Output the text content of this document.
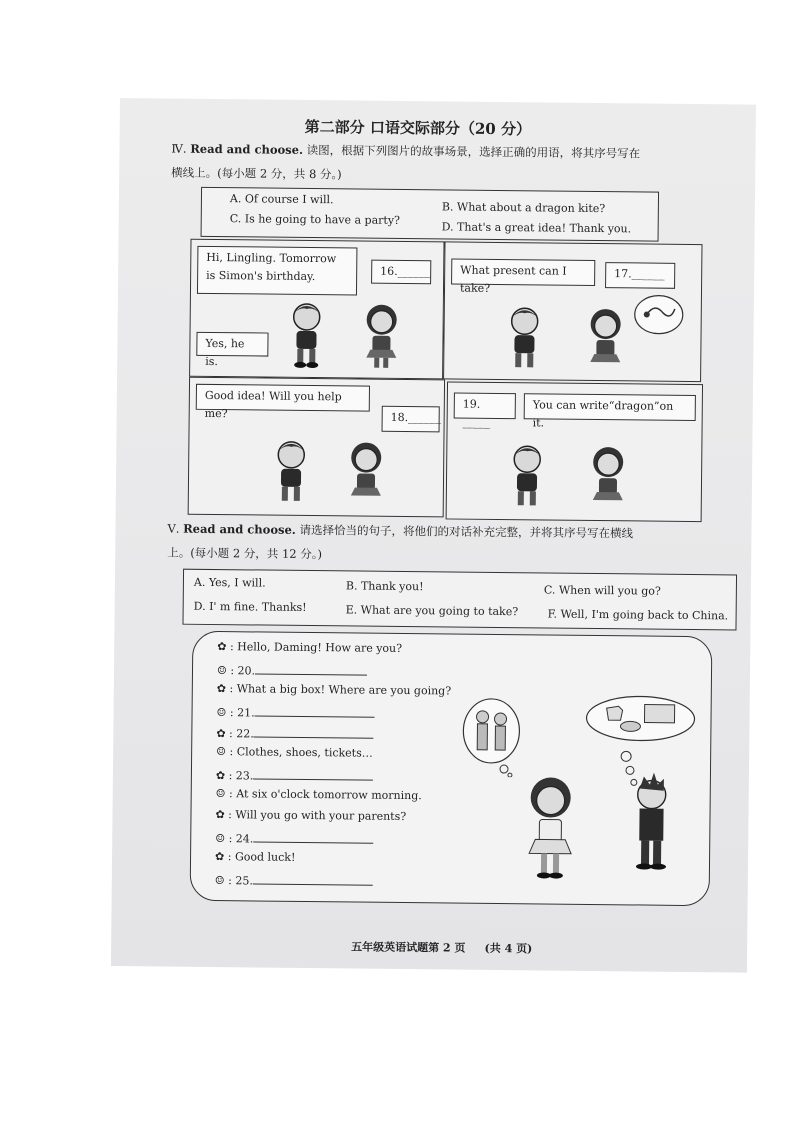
第二部分 口语交际部分（20 分）
Ⅳ. Read and choose. 读图，根据下列图片的故事场景，选择正确的用语，将其序号写在
横线上。(每小题 2 分，共 8 分。)
A. Of course I will.
B. What about a dragon kite?
C. Is he going to have a party?
D. That's a great idea! Thank you.
Hi, Lingling. Tomorrow is Simon's birthday.	16.______
Yes, he is.
What present can I take?
17.______
Good idea! Will you help me?	18.______
19. _____
You can write“dragon”on it.
Ⅴ. Read and choose. 请选择恰当的句子，将他们的对话补充完整，并将其序号写在横线
上。(每小题 2 分，共 12 分。)
A. Yes, I will.	B. Thank you!	C. When will you go?
D. I' m fine. Thanks!	E. What are you going to take?	F. Well, I'm going back to China.
✿ : Hello, Daming! How are you?
☺ : 20.
✿ : What a big box! Where are you going?
☺ : 21.
✿ : 22.
☺ : Clothes, shoes, tickets…
✿ : 23.
☺ : At six o'clock tomorrow morning.
✿ : Will you go with your parents?
☺ : 24.
✿ : Good luck!
☺ : 25.
五年级英语试题第 2 页 (共 4 页)
